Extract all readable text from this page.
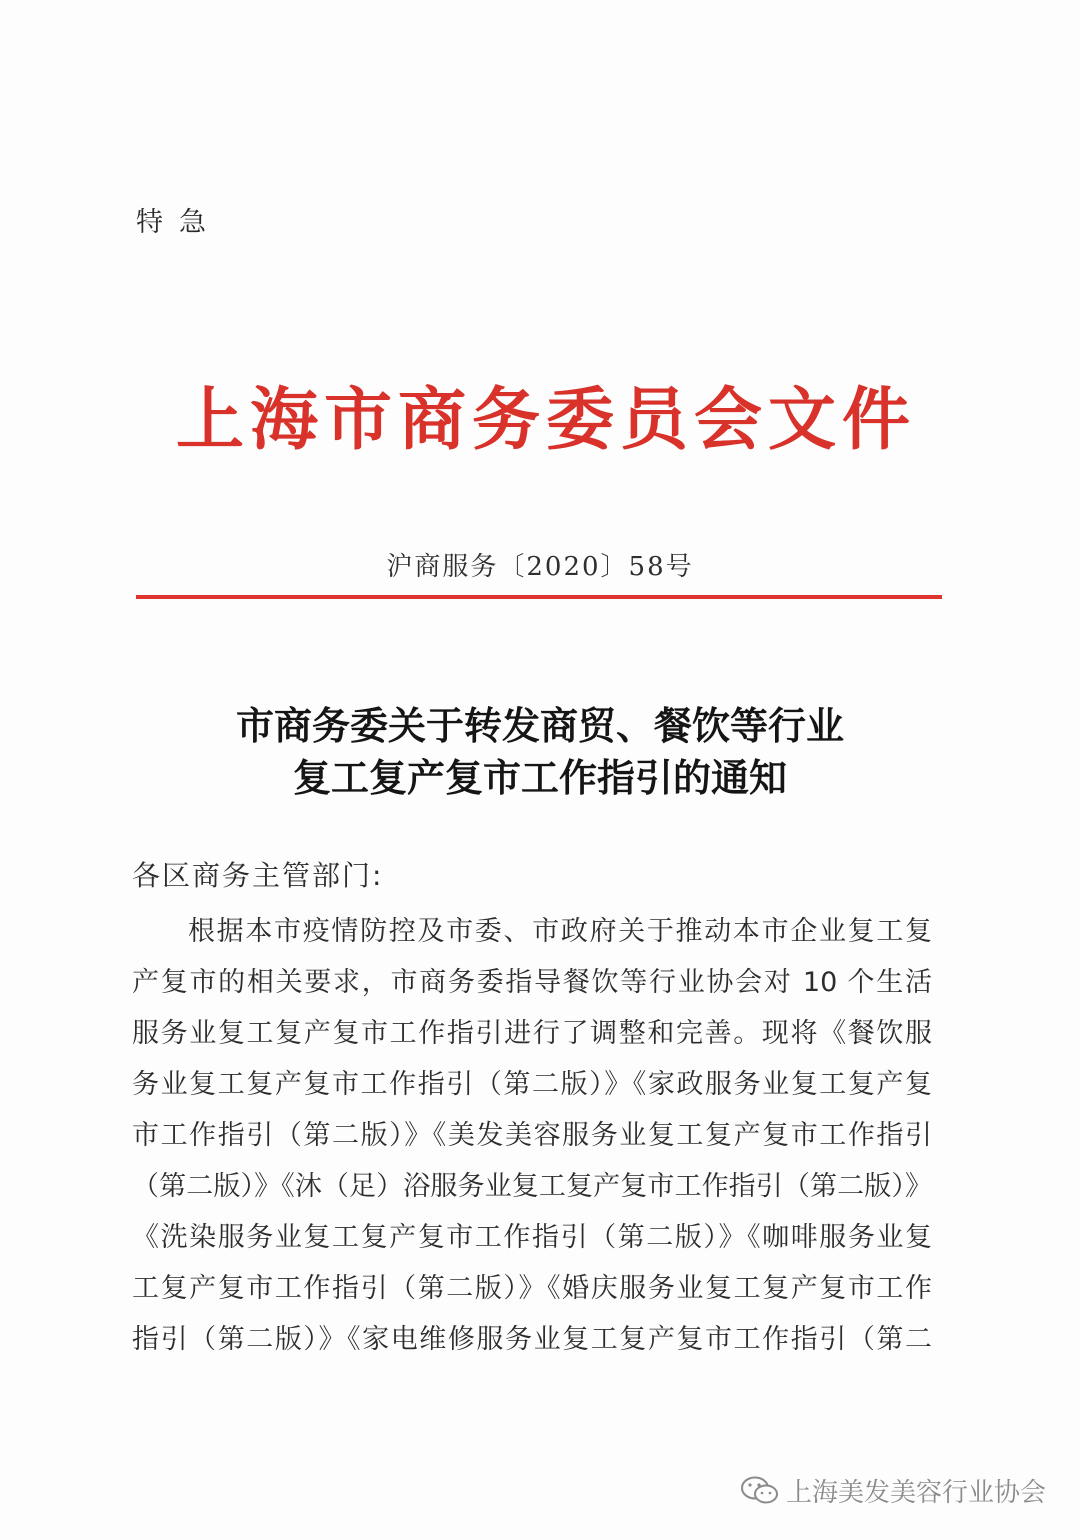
特急
上海市商务委员会文件
沪商服务〔2020〕58号
市商务委关于转发商贸、餐饮等行业
复工复产复市工作指引的通知
各区商务主管部门:
根据本市疫情防控及市委、市政府关于推动本市企业复工复
产复市的相关要求，市商务委指导餐饮等行业协会对 10 个生活
服务业复工复产复市工作指引进行了调整和完善。现将《餐饮服
务业复工复产复市工作指引（第二版）》《家政服务业复工复产复
市工作指引（第二版）》《美发美容服务业复工复产复市工作指引
（第二版）》《沐（足）浴服务业复工复产复市工作指引（第二版）》
《洗染服务业复工复产复市工作指引（第二版）》《咖啡服务业复
工复产复市工作指引（第二版）》《婚庆服务业复工复产复市工作
指引（第二版）》《家电维修服务业复工复产复市工作指引（第二
上海美发美容行业协会
